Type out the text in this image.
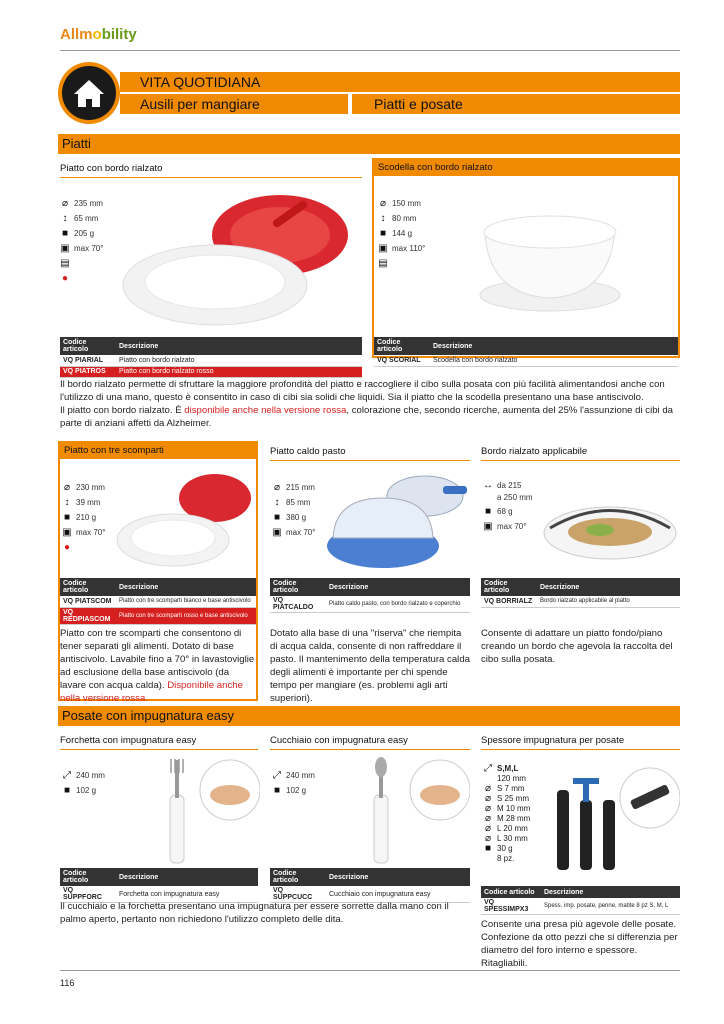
Allmobility
VITA QUOTIDIANA
Ausili per mangiare	Piatti e posate
Piatti
Piatto con bordo rialzato
⌀ 235 mm
↕ 65 mm
■ 205 g
▣ max 70°
▤
●
Codice articolo	Descrizione
VQ PIARIAL	Piatto con bordo rialzato
VQ PIATROS	Piatto con bordo rialzato rosso
Scodella con bordo rialzato
⌀ 150 mm
↕ 80 mm
■ 144 g
▣ max 110°
▤
Codice articolo	Descrizione
VQ SCORIAL	Scodella con bordo rialzato
Il bordo rialzato permette di sfruttare la maggiore profondità del piatto e raccogliere il cibo sulla posata con più facilità alimentandosi anche con l'utilizzo di una mano, questo è consentito in caso di cibi sia solidi che liquidi. Sia il piatto che la scodella presentano una base antiscivolo.
Il piatto con bordo rialzato. È disponibile anche nella versione rossa, colorazione che, secondo ricerche, aumenta del 25% l'assunzione di cibi da parte di anziani affetti da Alzheimer.
Piatto con tre scomparti
⌀ 230 mm
↕ 39 mm
■ 210 g
▣ max 70°
●
Codice articolo	Descrizione
VQ PIATSCOM	Piatto con tre scomparti bianco e base antiscivolo
VQ REDPIASCOM	Piatto con tre scomparti rosso e base antiscivolo
Piatto con tre scomparti che consentono di tener separati gli alimenti. Dotato di base antiscivolo. Lavabile fino a 70° in lavastoviglie ad esclusione della base antiscivolo (da lavare con acqua calda). Disponibile anche nella versione rossa.
Piatto caldo pasto
⌀ 215 mm
↕ 85 mm
■ 380 g
▣ max 70°
Codice articolo	Descrizione
VQ PIATCALDO	Piatto caldo pasto, con bordo rialzato e coperchio
Dotato alla base di una "riserva" che riempita di acqua calda, consente di non raffreddare il pasto. Il mantenimento della temperatura calda degli alimenti è importante per chi spende tempo per mangiare (es. problemi agli arti superiori).
Bordo rialzato applicabile
↔ da 215
a 250 mm
■ 68 g
▣ max 70°
Codice articolo	Descrizione
VQ BORRIALZ	Bordo rialzato applicabile al piatto
Consente di adattare un piatto fondo/piano creando un bordo che agevola la raccolta del cibo sulla posata.
Posate con impugnatura easy
Forchetta con impugnatura easy
⤢ 240 mm
■ 102 g
Codice articolo	Descrizione
VQ SUPPFORC	Forchetta con impugnatura easy
Cucchiaio con impugnatura easy
⤢ 240 mm
■ 102 g
Codice articolo	Descrizione
VQ SUPPCUCC	Cucchiaio con impugnatura easy
Il cucchiaio e la forchetta presentano una impugnatura per essere sorrette dalla mano con il palmo aperto, pertanto non richiedono l'utilizzo completo delle dita.
Spessore impugnatura per posate
⤢ S,M,L
120 mm
⌀ S 7 mm
⌀ S 25 mm
⌀ M 10 mm
⌀ M 28 mm
⌀ L 20 mm
⌀ L 30 mm
■ 30 g
8 pz.
Codice articolo	Descrizione
VQ SPESSIMPX3	Spess. imp. posate, penne, matite 8 pz S, M, L
Consente una presa più agevole delle posate. Confezione da otto pezzi che si differenzia per diametro del foro interno e spessore. Ritagliabili.
116
